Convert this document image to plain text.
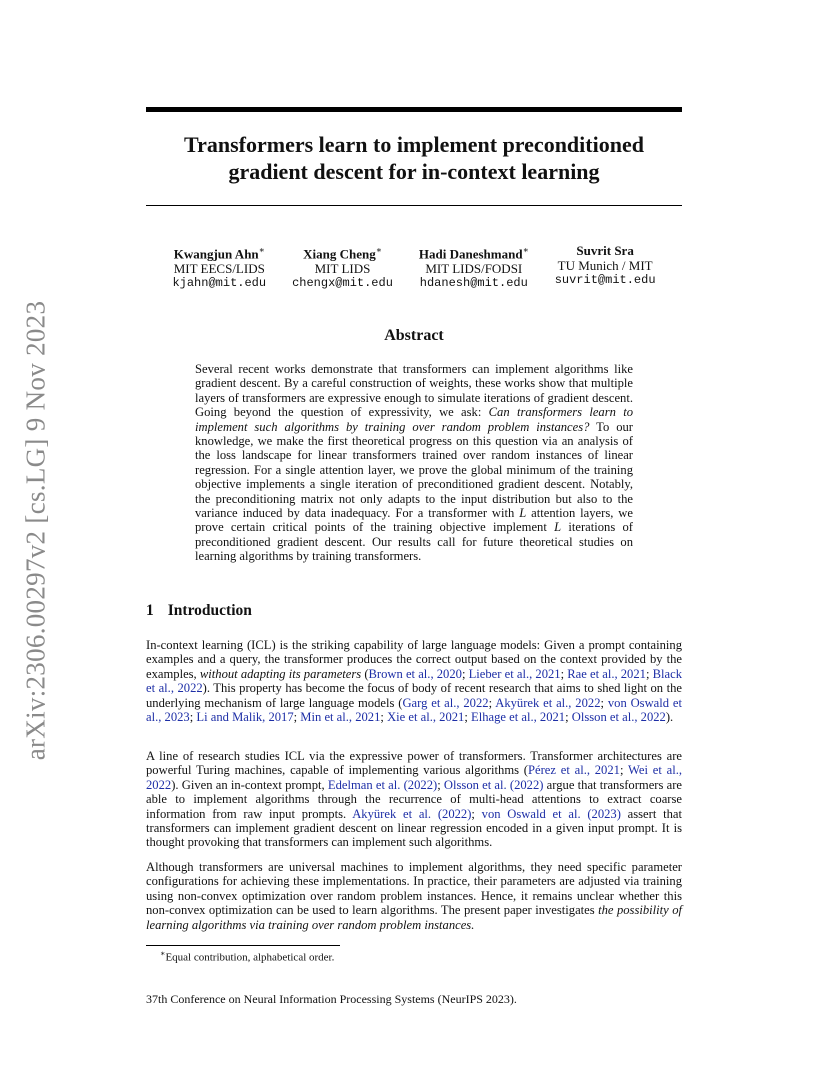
arXiv:2306.00297v2 [cs.LG] 9 Nov 2023
Transformers learn to implement preconditioned gradient descent for in-context learning
Kwangjun Ahn∗
MIT EECS/LIDS
kjahn@mit.edu
Xiang Cheng∗
MIT LIDS
chengx@mit.edu
Hadi Daneshmand∗
MIT LIDS/FODSI
hdanesh@mit.edu
Suvrit Sra
TU Munich / MIT
suvrit@mit.edu
Abstract

Several recent works demonstrate that transformers can implement algorithms like gradient descent. By a careful construction of weights, these works show that multiple layers of transformers are expressive enough to simulate iterations of gradient descent. Going beyond the question of expressivity, we ask: Can transformers learn to implement such algorithms by training over random problem instances? To our knowledge, we make the first theoretical progress on this question via an analysis of the loss landscape for linear transformers trained over random instances of linear regression. For a single attention layer, we prove the global minimum of the training objective implements a single iteration of preconditioned gradient descent. Notably, the preconditioning matrix not only adapts to the input distribution but also to the variance induced by data inadequacy. For a transformer with L attention layers, we prove certain critical points of the training objective implement L iterations of preconditioned gradient descent. Our results call for future theoretical studies on learning algorithms by training transformers.

1 Introduction

In-context learning (ICL) is the striking capability of large language models: Given a prompt containing examples and a query, the transformer produces the correct output based on the context provided by the examples, without adapting its parameters (Brown et al., 2020; Lieber et al., 2021; Rae et al., 2021; Black et al., 2022). This property has become the focus of body of recent research that aims to shed light on the underlying mechanism of large language models (Garg et al., 2022; Akyürek et al., 2022; von Oswald et al., 2023; Li and Malik, 2017; Min et al., 2021; Xie et al., 2021; Elhage et al., 2021; Olsson et al., 2022).

A line of research studies ICL via the expressive power of transformers. Transformer architectures are powerful Turing machines, capable of implementing various algorithms (Pérez et al., 2021; Wei et al., 2022). Given an in-context prompt, Edelman et al. (2022); Olsson et al. (2022) argue that transformers are able to implement algorithms through the recurrence of multi-head attentions to extract coarse information from raw input prompts. Akyürek et al. (2022); von Oswald et al. (2023) assert that transformers can implement gradient descent on linear regression encoded in a given input prompt. It is thought provoking that transformers can implement such algorithms.

Although transformers are universal machines to implement algorithms, they need specific parameter configurations for achieving these implementations. In practice, their parameters are adjusted via training using non-convex optimization over random problem instances. Hence, it remains unclear whether this non-convex optimization can be used to learn algorithms. The present paper investigates the possibility of learning algorithms via training over random problem instances.

∗Equal contribution, alphabetical order.

37th Conference on Neural Information Processing Systems (NeurIPS 2023).
